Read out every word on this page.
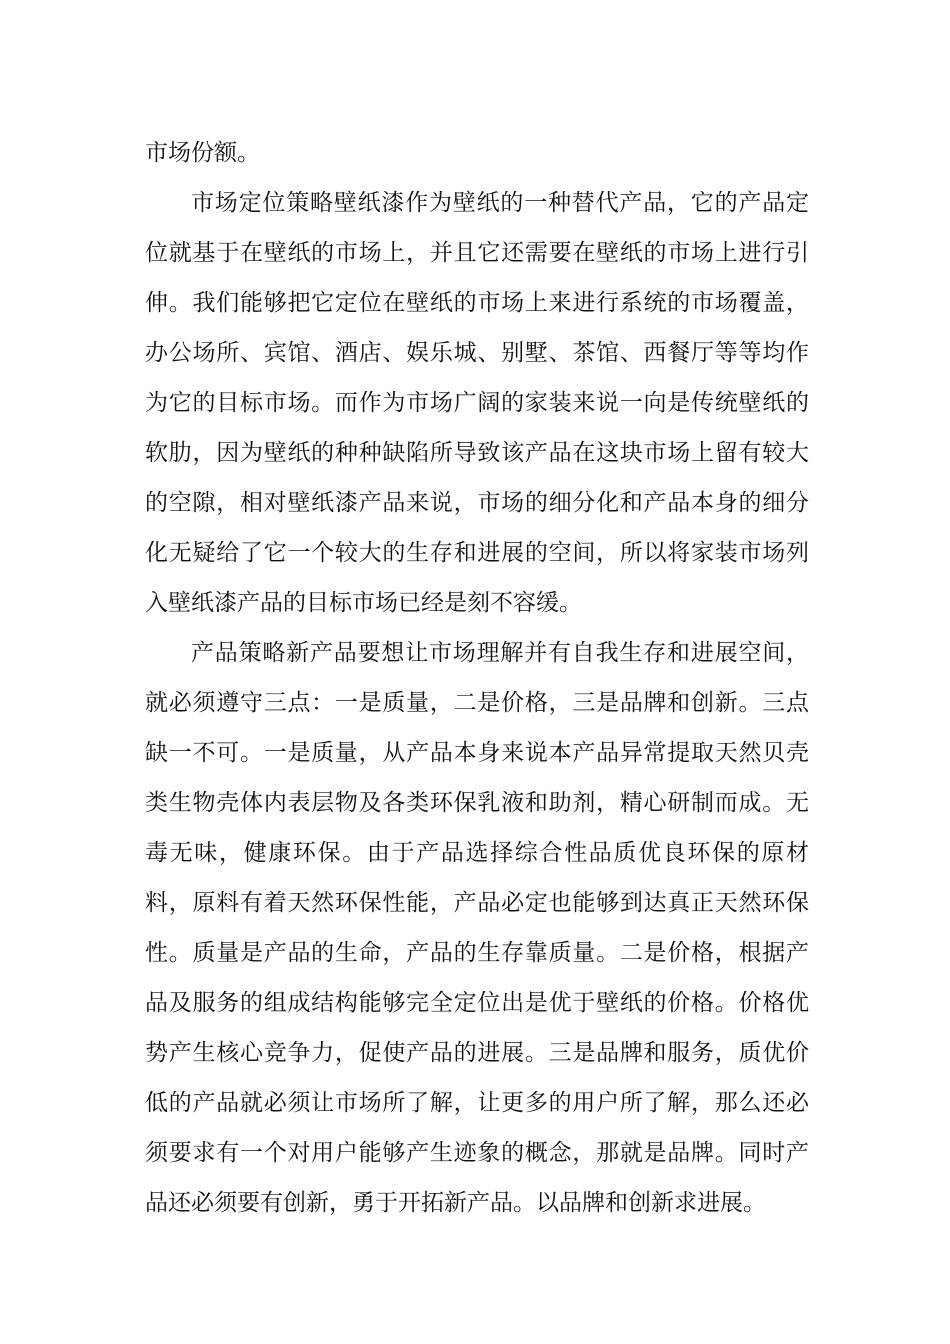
市场份额。

市场定位策略壁纸漆作为壁纸的一种替代产品，它的产品定位就基于在壁纸的市场上，并且它还需要在壁纸的市场上进行引伸。我们能够把它定位在壁纸的市场上来进行系统的市场覆盖，办公场所、宾馆、酒店、娱乐城、别墅、茶馆、西餐厅等等均作为它的目标市场。而作为市场广阔的家装来说一向是传统壁纸的软肋，因为壁纸的种种缺陷所导致该产品在这块市场上留有较大的空隙，相对壁纸漆产品来说，市场的细分化和产品本身的细分化无疑给了它一个较大的生存和进展的空间，所以将家装市场列入壁纸漆产品的目标市场已经是刻不容缓。

产品策略新产品要想让市场理解并有自我生存和进展空间，就必须遵守三点：一是质量，二是价格，三是品牌和创新。三点缺一不可。一是质量，从产品本身来说本产品异常提取天然贝壳类生物壳体内表层物及各类环保乳液和助剂，精心研制而成。无毒无味，健康环保。由于产品选择综合性品质优良环保的原材料，原料有着天然环保性能，产品必定也能够到达真正天然环保性。质量是产品的生命，产品的生存靠质量。二是价格，根据产品及服务的组成结构能够完全定位出是优于壁纸的价格。价格优势产生核心竞争力，促使产品的进展。三是品牌和服务，质优价低的产品就必须让市场所了解，让更多的用户所了解，那么还必须要求有一个对用户能够产生迹象的概念，那就是品牌。同时产品还必须要有创新，勇于开拓新产品。以品牌和创新求进展。
